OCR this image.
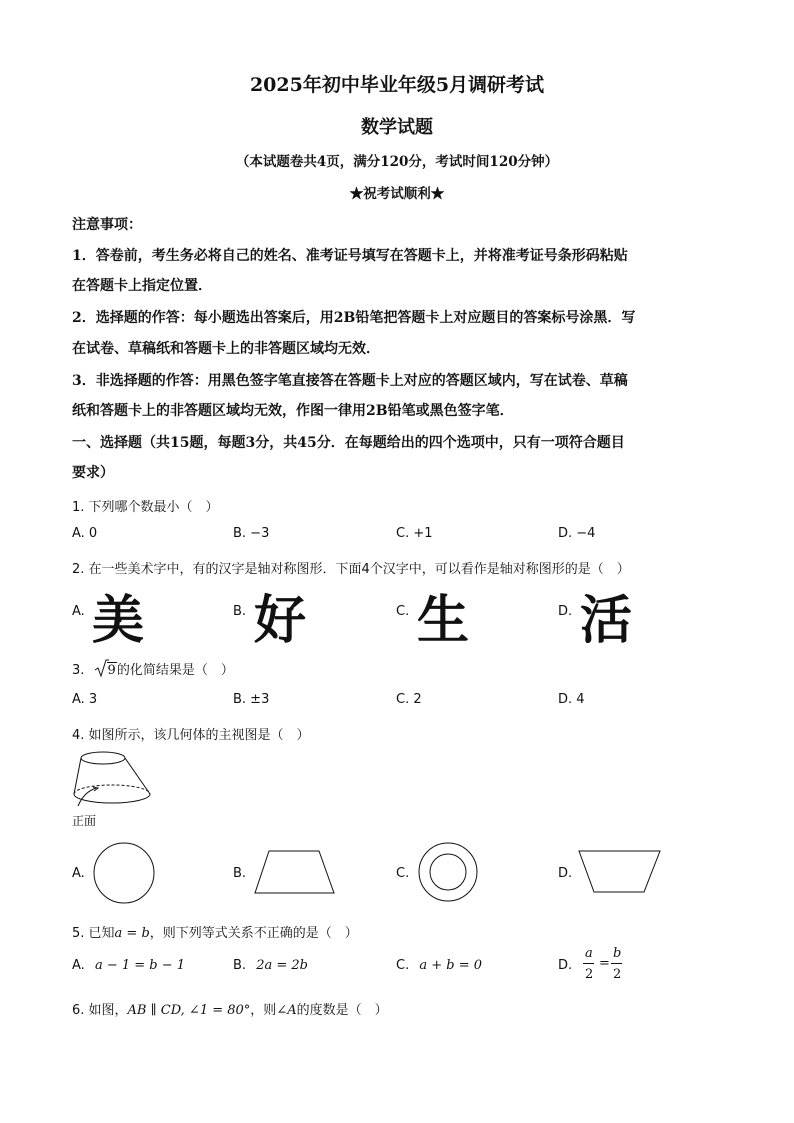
2025年初中毕业年级5月调研考试
数学试题
（本试题卷共4页，满分120分，考试时间120分钟）
★祝考试顺利★
注意事项：
1．答卷前，考生务必将自己的姓名、准考证号填写在答题卡上，并将准考证号条形码粘贴
在答题卡上指定位置．
2．选择题的作答：每小题选出答案后，用2B铅笔把答题卡上对应题目的答案标号涂黑．写
在试卷、草稿纸和答题卡上的非答题区域均无效．
3．非选择题的作答：用黑色签字笔直接答在答题卡上对应的答题区域内，写在试卷、草稿
纸和答题卡上的非答题区域均无效，作图一律用2B铅笔或黑色签字笔．
一、选择题（共15题，每题3分，共45分．在每题给出的四个选项中，只有一项符合题目
要求）
1. 下列哪个数最小（　）
A. 0	B. −3	C. +1	D. −4
2. 在一些美术字中，有的汉字是轴对称图形．下面4个汉字中，可以看作是轴对称图形的是（　）
A. 美	B. 好	C. 生	D. 活
3. 9的化简结果是（　）
A. 3	B. ±3	C. 2	D. 4
4. 如图所示，该几何体的主视图是（　）
正面
A.	B.	C.	D.
5. 已知a = b，则下列等式关系不正确的是（　）
A. a − 1 = b − 1	B. 2a = 2b	C. a + b = 0	D.
a
2
=
b
2
6. 如图，AB ∥ CD, ∠1 = 80°，则∠A的度数是（　）
